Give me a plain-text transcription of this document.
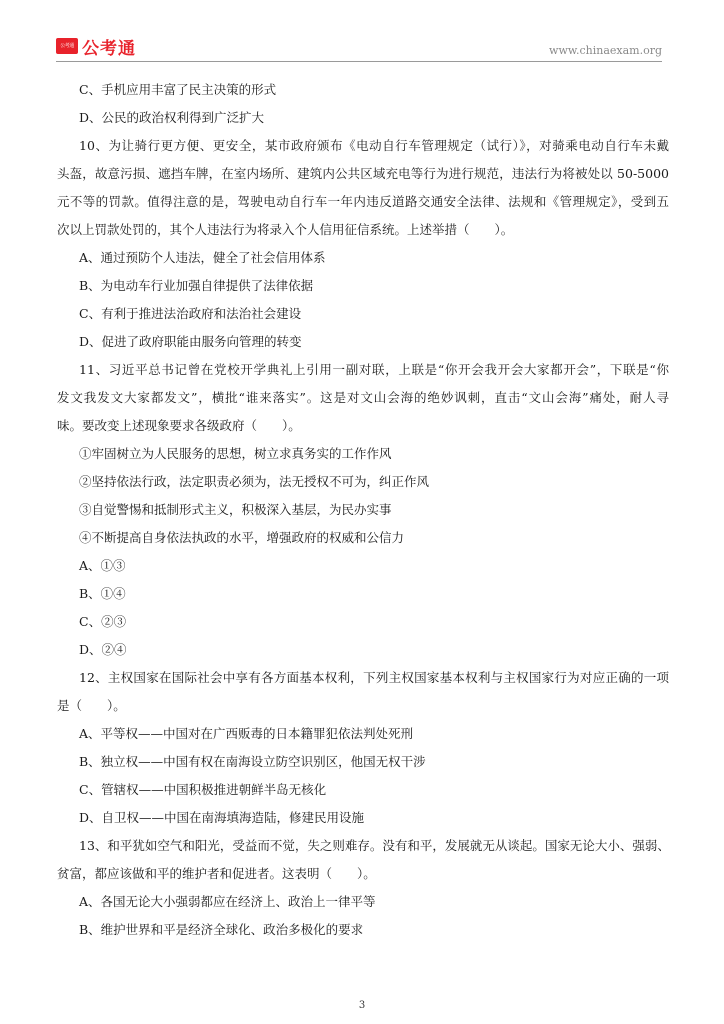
公考通 公考通	www.chinaexam.org
C、手机应用丰富了民主决策的形式
D、公民的政治权利得到广泛扩大
10、为让骑行更方便、更安全，某市政府颁布《电动自行车管理规定（试行）》，对骑乘电动自行车未戴
头盔，故意污损、遮挡车牌，在室内场所、建筑内公共区域充电等行为进行规范，违法行为将被处以 50-5000
元不等的罚款。值得注意的是，驾驶电动自行车一年内违反道路交通安全法律、法规和《管理规定》，受到五
次以上罚款处罚的，其个人违法行为将录入个人信用征信系统。上述举措（　　）。
A、通过预防个人违法，健全了社会信用体系
B、为电动车行业加强自律提供了法律依据
C、有利于推进法治政府和法治社会建设
D、促进了政府职能由服务向管理的转变
11、习近平总书记曾在党校开学典礼上引用一副对联，上联是“你开会我开会大家都开会”，下联是“你
发文我发文大家都发文”，横批“谁来落实”。这是对文山会海的绝妙讽刺，直击“文山会海”痛处，耐人寻
味。要改变上述现象要求各级政府（　　）。
①牢固树立为人民服务的思想，树立求真务实的工作作风
②坚持依法行政，法定职责必须为，法无授权不可为，纠正作风
③自觉警惕和抵制形式主义，积极深入基层，为民办实事
④不断提高自身依法执政的水平，增强政府的权威和公信力
A、①③
B、①④
C、②③
D、②④
12、主权国家在国际社会中享有各方面基本权利，下列主权国家基本权利与主权国家行为对应正确的一项
是（　　）。
A、平等权——中国对在广西贩毒的日本籍罪犯依法判处死刑
B、独立权——中国有权在南海设立防空识别区，他国无权干涉
C、管辖权——中国积极推进朝鲜半岛无核化
D、自卫权——中国在南海填海造陆，修建民用设施
13、和平犹如空气和阳光，受益而不觉，失之则难存。没有和平，发展就无从谈起。国家无论大小、强弱、
贫富，都应该做和平的维护者和促进者。这表明（　　）。
A、各国无论大小强弱都应在经济上、政治上一律平等
B、维护世界和平是经济全球化、政治多极化的要求
3
